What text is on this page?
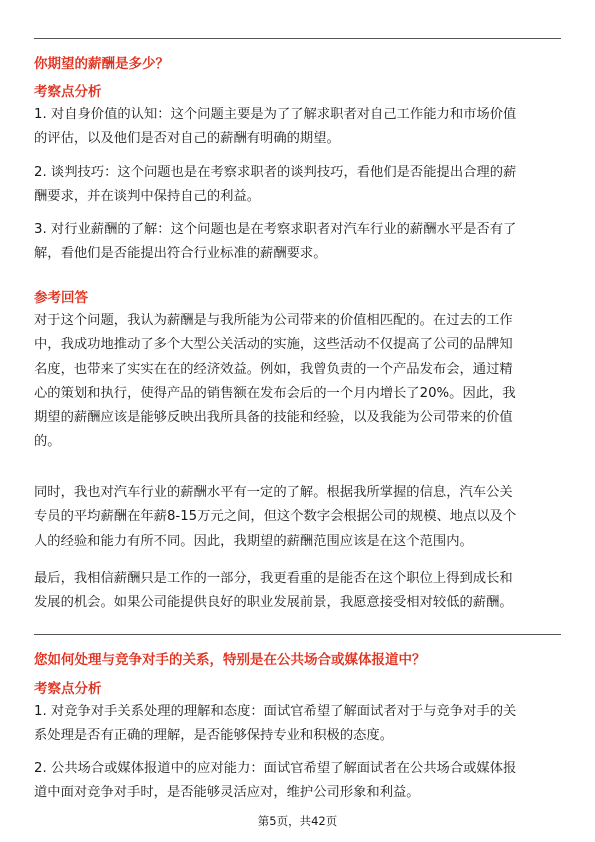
你期望的薪酬是多少？
考察点分析
1. 对自身价值的认知：这个问题主要是为了了解求职者对自己工作能力和市场价值
的评估，以及他们是否对自己的薪酬有明确的期望。
2. 谈判技巧：这个问题也是在考察求职者的谈判技巧，看他们是否能提出合理的薪
酬要求，并在谈判中保持自己的利益。
3. 对行业薪酬的了解：这个问题也是在考察求职者对汽车行业的薪酬水平是否有了
解，看他们是否能提出符合行业标准的薪酬要求。
参考回答
对于这个问题，我认为薪酬是与我所能为公司带来的价值相匹配的。在过去的工作
中，我成功地推动了多个大型公关活动的实施，这些活动不仅提高了公司的品牌知
名度，也带来了实实在在的经济效益。例如，我曾负责的一个产品发布会，通过精
心的策划和执行，使得产品的销售额在发布会后的一个月内增长了20%。因此，我
期望的薪酬应该是能够反映出我所具备的技能和经验，以及我能为公司带来的价值
的。
同时，我也对汽车行业的薪酬水平有一定的了解。根据我所掌握的信息，汽车公关
专员的平均薪酬在年薪8-15万元之间，但这个数字会根据公司的规模、地点以及个
人的经验和能力有所不同。因此，我期望的薪酬范围应该是在这个范围内。
最后，我相信薪酬只是工作的一部分，我更看重的是能否在这个职位上得到成长和
发展的机会。如果公司能提供良好的职业发展前景，我愿意接受相对较低的薪酬。
您如何处理与竞争对手的关系，特别是在公共场合或媒体报道中？
考察点分析
1. 对竞争对手关系处理的理解和态度：面试官希望了解面试者对于与竞争对手的关
系处理是否有正确的理解，是否能够保持专业和积极的态度。
2. 公共场合或媒体报道中的应对能力：面试官希望了解面试者在公共场合或媒体报
道中面对竞争对手时，是否能够灵活应对，维护公司形象和利益。
第5页，共42页
